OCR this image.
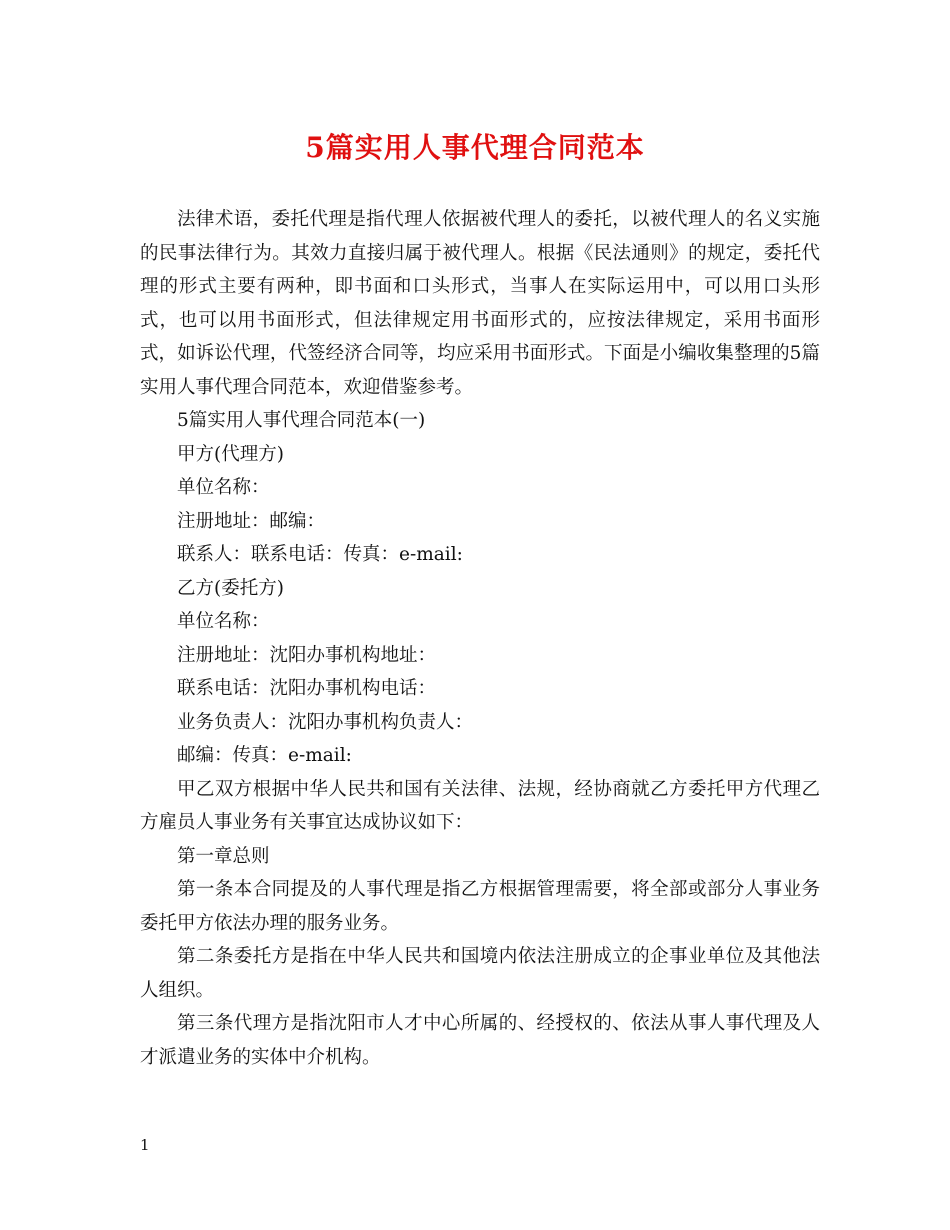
5篇实用人事代理合同范本

法律术语，委托代理是指代理人依据被代理人的委托，以被代理人的名义实施的民事法律行为。其效力直接归属于被代理人。根据《民法通则》的规定，委托代理的形式主要有两种，即书面和口头形式，当事人在实际运用中，可以用口头形式，也可以用书面形式，但法律规定用书面形式的，应按法律规定，采用书面形式，如诉讼代理，代签经济合同等，均应采用书面形式。下面是小编收集整理的5篇实用人事代理合同范本，欢迎借鉴参考。

5篇实用人事代理合同范本(一)

甲方(代理方)

单位名称：

注册地址：邮编：

联系人：联系电话：传真：e-mail:

乙方(委托方)

单位名称：

注册地址：沈阳办事机构地址：

联系电话：沈阳办事机构电话：

业务负责人：沈阳办事机构负责人：

邮编：传真：e-mail:

甲乙双方根据中华人民共和国有关法律、法规，经协商就乙方委托甲方代理乙方雇员人事业务有关事宜达成协议如下：

第一章总则

第一条本合同提及的人事代理是指乙方根据管理需要，将全部或部分人事业务委托甲方依法办理的服务业务。

第二条委托方是指在中华人民共和国境内依法注册成立的企事业单位及其他法人组织。

第三条代理方是指沈阳市人才中心所属的、经授权的、依法从事人事代理及人才派遣业务的实体中介机构。

1
